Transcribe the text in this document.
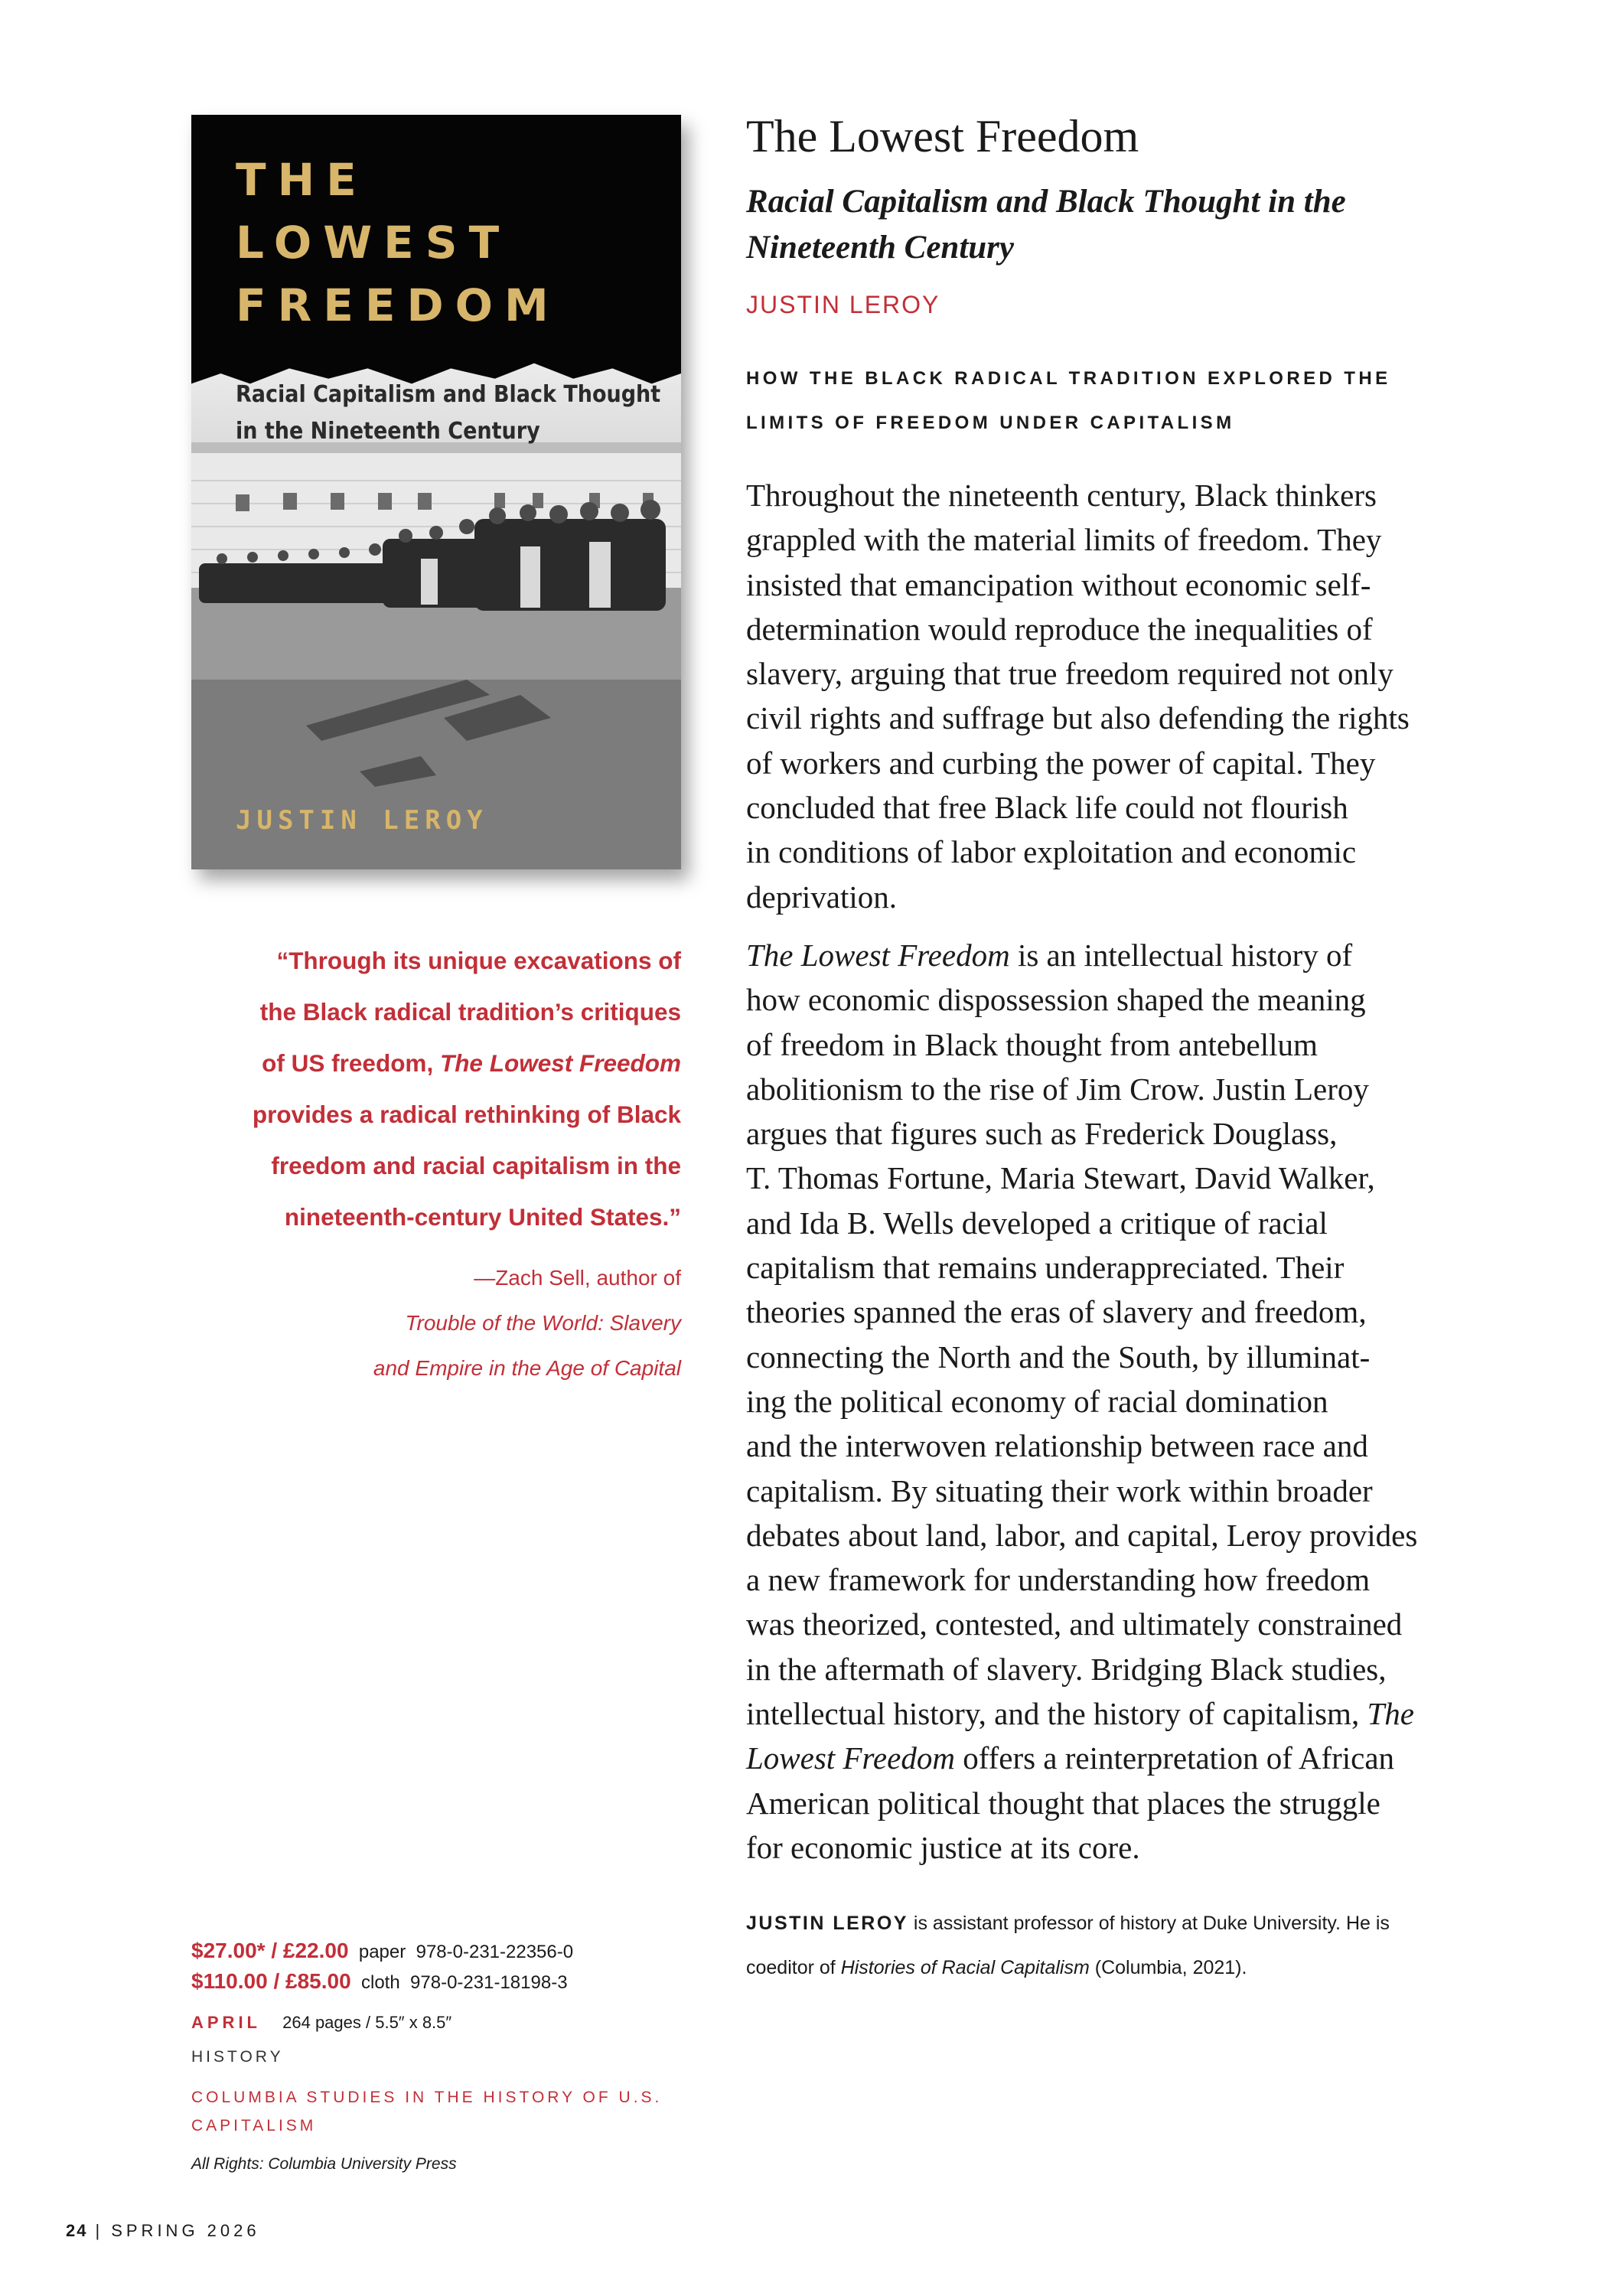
THE
LOWEST
FREEDOM
Racial Capitalism and Black Thought
in the Nineteenth Century

JUSTIN LEROY

“Through its unique excavations of
the Black radical tradition’s critiques
of US freedom, The Lowest Freedom
provides a radical rethinking of Black
freedom and racial capitalism in the
nineteenth-century United States.”

—Zach Sell, author of
Trouble of the World: Slavery
and Empire in the Age of Capital

$27.00* / £22.00 paper 978-0-231-22356-0
$110.00 / £85.00 cloth 978-0-231-18198-3
APRIL 264 pages / 5.5″ x 8.5″
HISTORY
COLUMBIA STUDIES IN THE HISTORY OF U.S.
CAPITALISM
All Rights: Columbia University Press
The Lowest Freedom
Racial Capitalism and Black Thought in the
Nineteenth Century

JUSTIN LEROY

HOW THE BLACK RADICAL TRADITION EXPLORED THE
LIMITS OF FREEDOM UNDER CAPITALISM

Throughout the nineteenth century, Black thinkers
grappled with the material limits of freedom. They
insisted that emancipation without economic self-
determination would reproduce the inequalities of
slavery, arguing that true freedom required not only
civil rights and suffrage but also defending the rights
of workers and curbing the power of capital. They
concluded that free Black life could not flourish
in conditions of labor exploitation and economic
deprivation.

The Lowest Freedom is an intellectual history of
how economic dispossession shaped the meaning
of freedom in Black thought from antebellum
abolitionism to the rise of Jim Crow. Justin Leroy
argues that figures such as Frederick Douglass,
T. Thomas Fortune, Maria Stewart, David Walker,
and Ida B. Wells developed a critique of racial
capitalism that remains underappreciated. Their
theories spanned the eras of slavery and freedom,
connecting the North and the South, by illuminat-
ing the political economy of racial domination
and the interwoven relationship between race and
capitalism. By situating their work within broader
debates about land, labor, and capital, Leroy provides
a new framework for understanding how freedom
was theorized, contested, and ultimately constrained
in the aftermath of slavery. Bridging Black studies,
intellectual history, and the history of capitalism, The
Lowest Freedom offers a reinterpretation of African
American political thought that places the struggle
for economic justice at its core.

JUSTIN LEROY is assistant professor of history at Duke University. He is
coeditor of Histories of Racial Capitalism (Columbia, 2021).

24 | SPRING 2026
